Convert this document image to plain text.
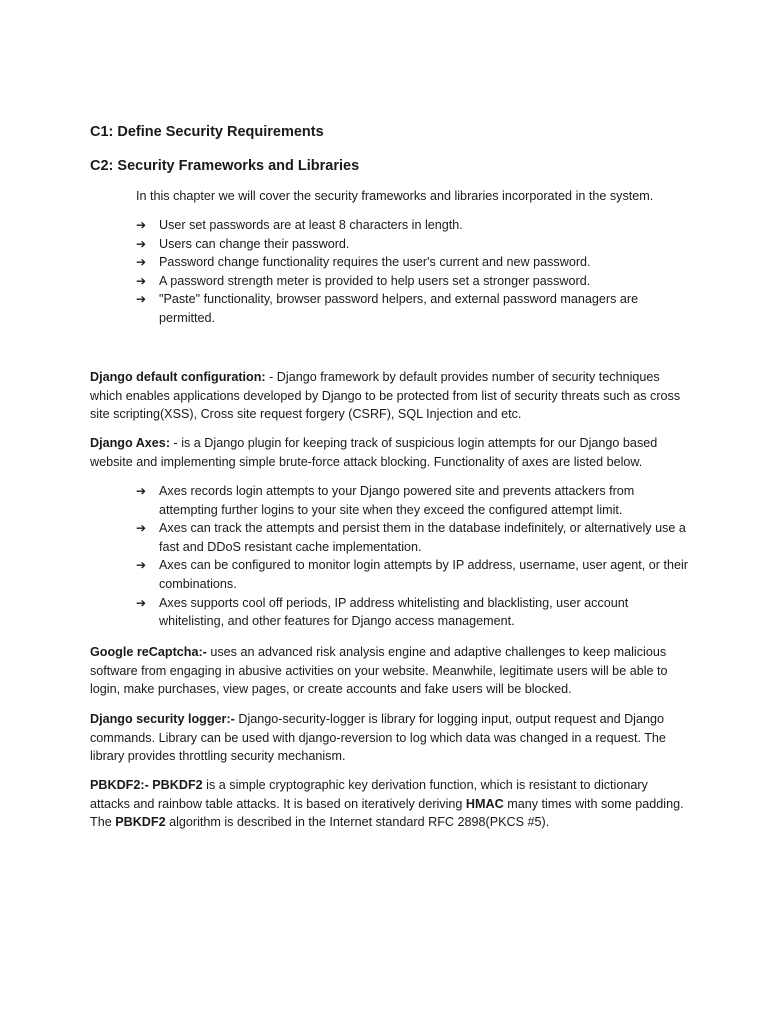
C1: Define Security Requirements
C2: Security Frameworks and Libraries

In this chapter we will cover the security frameworks and libraries incorporated in the system.

➔ User set passwords are at least 8 characters in length.
➔ Users can change their password.
➔ Password change functionality requires the user's current and new password.
➔ A password strength meter is provided to help users set a stronger password.
➔ "Paste" functionality, browser password helpers, and external password managers are permitted.

Django default configuration: - Django framework by default provides number of security techniques which enables applications developed by Django to be protected from list of security threats such as cross site scripting(XSS), Cross site request forgery (CSRF), SQL Injection and etc.

Django Axes: - is a Django plugin for keeping track of suspicious login attempts for our Django based website and implementing simple brute-force attack blocking. Functionality of axes are listed below.

➔ Axes records login attempts to your Django powered site and prevents attackers from attempting further logins to your site when they exceed the configured attempt limit.
➔ Axes can track the attempts and persist them in the database indefinitely, or alternatively use a fast and DDoS resistant cache implementation.
➔ Axes can be configured to monitor login attempts by IP address, username, user agent, or their combinations.
➔ Axes supports cool off periods, IP address whitelisting and blacklisting, user account whitelisting, and other features for Django access management.

Google reCaptcha:- uses an advanced risk analysis engine and adaptive challenges to keep malicious software from engaging in abusive activities on your website. Meanwhile, legitimate users will be able to login, make purchases, view pages, or create accounts and fake users will be blocked.

Django security logger:- Django-security-logger is library for logging input, output request and Django commands. Library can be used with django-reversion to log which data was changed in a request. The library provides throttling security mechanism.

PBKDF2:- PBKDF2 is a simple cryptographic key derivation function, which is resistant to dictionary attacks and rainbow table attacks. It is based on iteratively deriving HMAC many times with some padding. The PBKDF2 algorithm is described in the Internet standard RFC 2898(PKCS #5).
